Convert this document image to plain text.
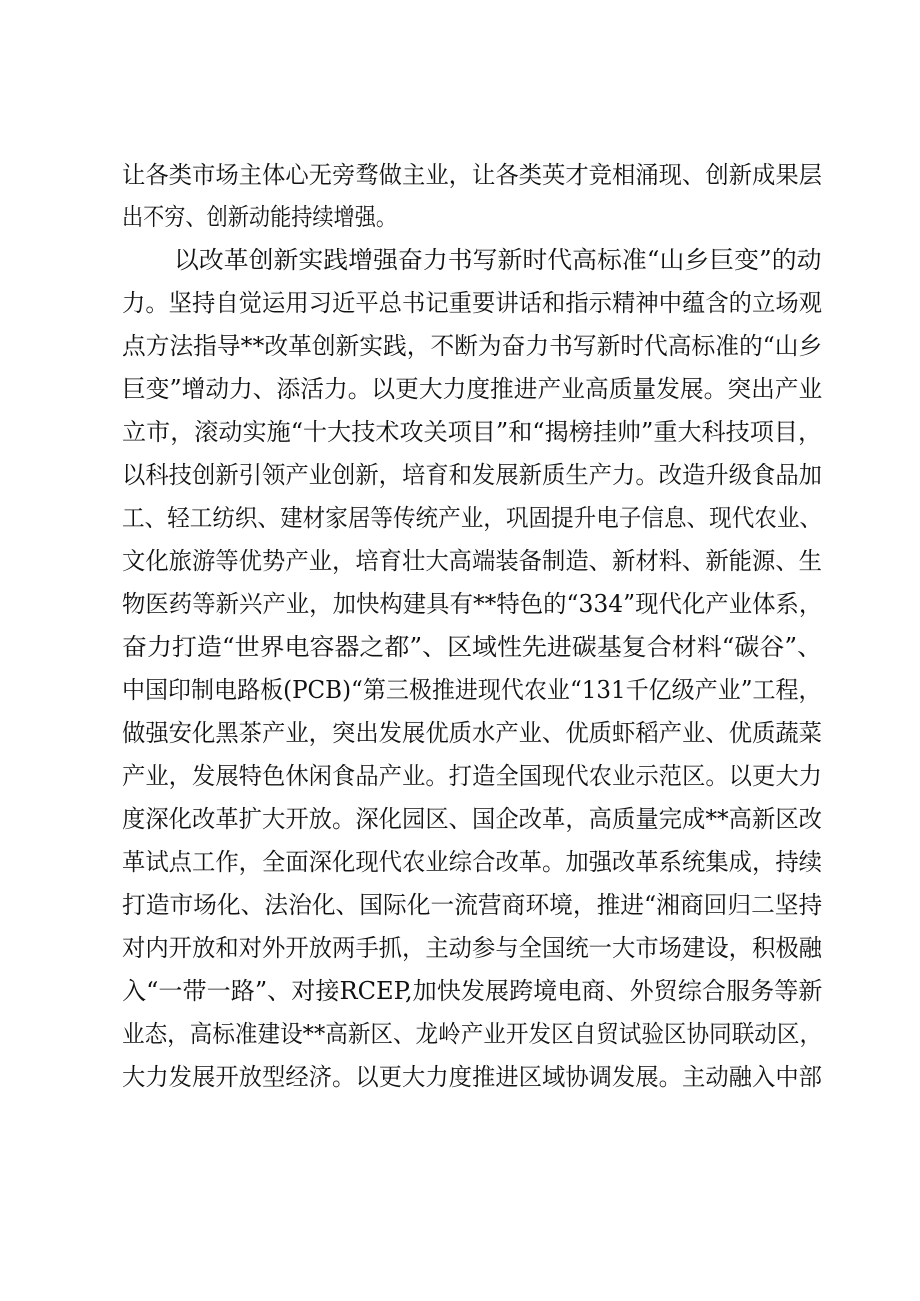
让各类市场主体心无旁骛做主业，让各类英才竞相涌现、创新成果层
出不穷、创新动能持续增强。
以改革创新实践增强奋力书写新时代高标准“山乡巨变”的动
力。坚持自觉运用习近平总书记重要讲话和指示精神中蕴含的立场观
点方法指导**改革创新实践，不断为奋力书写新时代高标准的“山乡
巨变”增动力、添活力。以更大力度推进产业高质量发展。突出产业
立市，滚动实施“十大技术攻关项目”和“揭榜挂帅”重大科技项目，
以科技创新引领产业创新，培育和发展新质生产力。改造升级食品加
工、轻工纺织、建材家居等传统产业，巩固提升电子信息、现代农业、
文化旅游等优势产业，培育壮大高端装备制造、新材料、新能源、生
物医药等新兴产业，加快构建具有**特色的“334”现代化产业体系，
奋力打造“世界电容器之都”、区域性先进碳基复合材料“碳谷”、
中国印制电路板(PCB)“第三极推进现代农业“131千亿级产业”工程，
做强安化黑茶产业，突出发展优质水产业、优质虾稻产业、优质蔬菜
产业，发展特色休闲食品产业。打造全国现代农业示范区。以更大力
度深化改革扩大开放。深化园区、国企改革，高质量完成**高新区改
革试点工作，全面深化现代农业综合改革。加强改革系统集成，持续
打造市场化、法治化、国际化一流营商环境，推进“湘商回归二坚持
对内开放和对外开放两手抓，主动参与全国统一大市场建设，积极融
入“一带一路”、对接RCEP,加快发展跨境电商、外贸综合服务等新
业态，高标准建设**高新区、龙岭产业开发区自贸试验区协同联动区，
大力发展开放型经济。以更大力度推进区域协调发展。主动融入中部
